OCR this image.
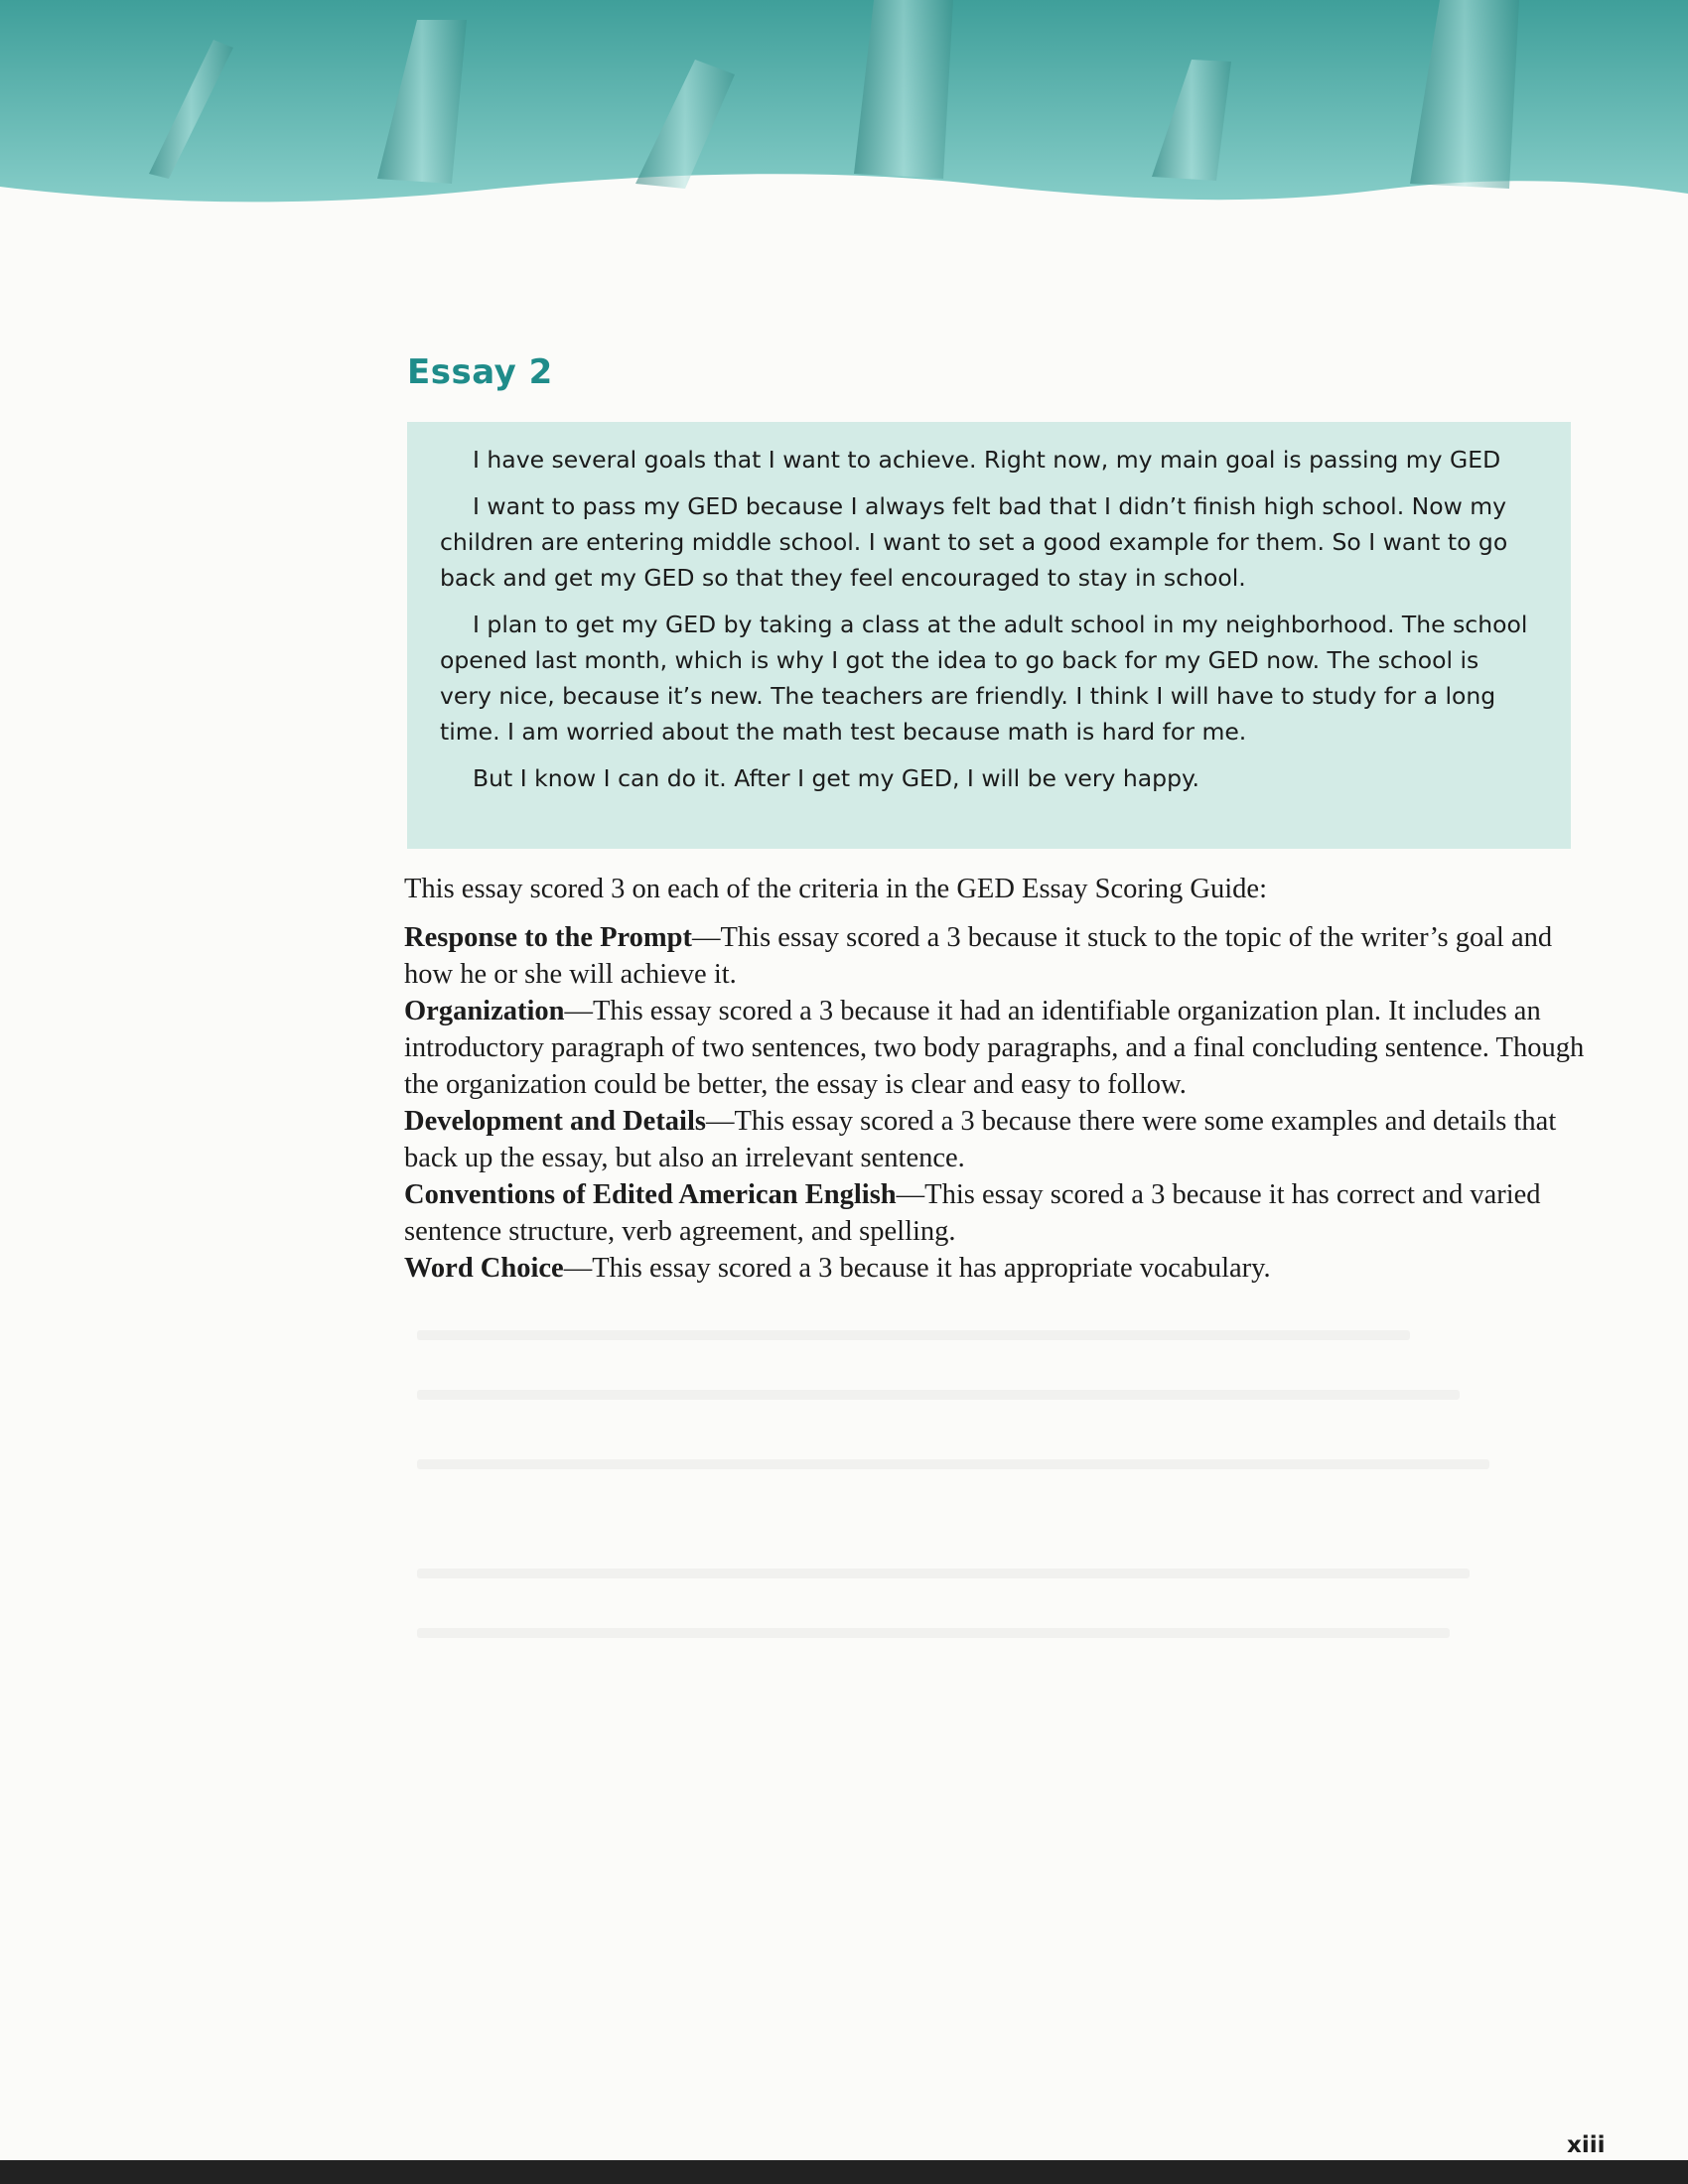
Essay 2

I have several goals that I want to achieve. Right now, my main goal is passing my GED

I want to pass my GED because I always felt bad that I didn’t finish high school. Now my children are entering middle school. I want to set a good example for them. So I want to go back and get my GED so that they feel encouraged to stay in school.

I plan to get my GED by taking a class at the adult school in my neighborhood. The school opened last month, which is why I got the idea to go back for my GED now. The school is very nice, because it’s new. The teachers are friendly. I think I will have to study for a long time. I am worried about the math test because math is hard for me.

But I know I can do it. After I get my GED, I will be very happy.

This essay scored 3 on each of the criteria in the GED Essay Scoring Guide:

Response to the Prompt—This essay scored a 3 because it stuck to the topic of the writer’s goal and how he or she will achieve it.

Organization—This essay scored a 3 because it had an identifiable organization plan. It includes an introductory paragraph of two sentences, two body paragraphs, and a final concluding sentence. Though the organization could be better, the essay is clear and easy to follow.

Development and Details—This essay scored a 3 because there were some examples and details that back up the essay, but also an irrelevant sentence.

Conventions of Edited American English—This essay scored a 3 because it has correct and varied sentence structure, verb agreement, and spelling.

Word Choice—This essay scored a 3 because it has appropriate vocabulary.

xiii
